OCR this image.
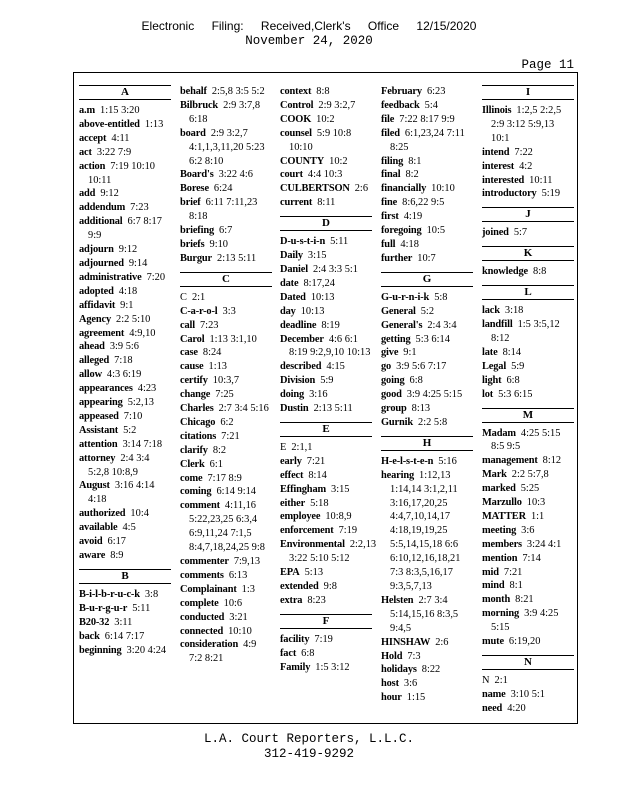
Electronic Filing: Received,Clerk's Office 12/15/2020
November 24, 2020
Page 11
A
a.m 1:15 3:20
above-entitled 1:13
accept 4:11
act 3:22 7:9
action 7:19 10:10 10:11
add 9:12
addendum 7:23
additional 6:7 8:17 9:9
adjourn 9:12
adjourned 9:14
administrative 7:20
adopted 4:18
affidavit 9:1
Agency 2:2 5:10
agreement 4:9,10
ahead 3:9 5:6
alleged 7:18
allow 4:3 6:19
appearances 4:23
appearing 5:2,13
appeased 7:10
Assistant 5:2
attention 3:14 7:18
attorney 2:4 3:4 5:2,8 10:8,9
August 3:16 4:14 4:18
authorized 10:4
available 4:5
avoid 6:17
aware 8:9
B
B-i-l-b-r-u-c-k 3:8
B-u-r-g-u-r 5:11
B20-32 3:11
back 6:14 7:17
beginning 3:20 4:24
behalf 2:5,8 3:5 5:2
Bilbruck 2:9 3:7,8 6:18
board 2:9 3:2,7 4:1,1,3,11,20 5:23 6:2 8:10
Board's 3:22 4:6
Borese 6:24
brief 6:11 7:11,23 8:18
briefing 6:7
briefs 9:10
Burgur 2:13 5:11
C
C 2:1
C-a-r-o-l 3:3
call 7:23
Carol 1:13 3:1,10
case 8:24
cause 1:13
certify 10:3,7
change 7:25
Charles 2:7 3:4 5:16
Chicago 6:2
citations 7:21
clarify 8:2
Clerk 6:1
come 7:17 8:9
coming 6:14 9:14
comment 4:11,16 5:22,23,25 6:3,4 6:9,11,24 7:1,5 8:4,7,18,24,25 9:8
commenter 7:9,13
comments 6:13
Complainant 1:3
complete 10:6
conducted 3:21
connected 10:10
consideration 4:9 7:2 8:21
context 8:8
Control 2:9 3:2,7
COOK 10:2
counsel 5:9 10:8 10:10
COUNTY 10:2
court 4:4 10:3
CULBERTSON 2:6
current 8:11
D
D-u-s-t-i-n 5:11
Daily 3:15
Daniel 2:4 3:3 5:1
date 8:17,24
Dated 10:13
day 10:13
deadline 8:19
December 4:6 6:1 8:19 9:2,9,10 10:13
described 4:15
Division 5:9
doing 3:16
Dustin 2:13 5:11
E
E 2:1,1
early 7:21
effect 8:14
Effingham 3:15
either 5:18
employee 10:8,9
enforcement 7:19
Environmental 2:2,13 3:22 5:10 5:12
EPA 5:13
extended 9:8
extra 8:23
F
facility 7:19
fact 6:8
Family 1:5 3:12
February 6:23
feedback 5:4
file 7:22 8:17 9:9
filed 6:1,23,24 7:11 8:25
filing 8:1
final 8:2
financially 10:10
fine 8:6,22 9:5
first 4:19
foregoing 10:5
full 4:18
further 10:7
G
G-u-r-n-i-k 5:8
General 5:2
General's 2:4 3:4
getting 5:3 6:14
give 9:1
go 3:9 5:6 7:17
going 6:8
good 3:9 4:25 5:15
group 8:13
Gurnik 2:2 5:8
H
H-e-l-s-t-e-n 5:16
hearing 1:12,13 1:14,14 3:1,2,11 3:16,17,20,25 4:4,7,10,14,17 4:18,19,19,25 5:5,14,15,18 6:6 6:10,12,16,18,21 7:3 8:3,5,16,17 9:3,5,7,13
Helsten 2:7 3:4 5:14,15,16 8:3,5 9:4,5
HINSHAW 2:6
Hold 7:3
holidays 8:22
host 3:6
hour 1:15
I
Illinois 1:2,5 2:2,5 2:9 3:12 5:9,13 10:1
intend 7:22
interest 4:2
interested 10:11
introductory 5:19
J
joined 5:7
K
knowledge 8:8
L
lack 3:18
landfill 1:5 3:5,12 8:12
late 8:14
Legal 5:9
light 6:8
lot 5:3 6:15
M
Madam 4:25 5:15 8:5 9:5
management 8:12
Mark 2:2 5:7,8
marked 5:25
Marzullo 10:3
MATTER 1:1
meeting 3:6
members 3:24 4:1
mention 7:14
mid 7:21
mind 8:1
month 8:21
morning 3:9 4:25 5:15
mute 6:19,20
N
N 2:1
name 3:10 5:1
need 4:20
L.A. Court Reporters, L.L.C.
312-419-9292
